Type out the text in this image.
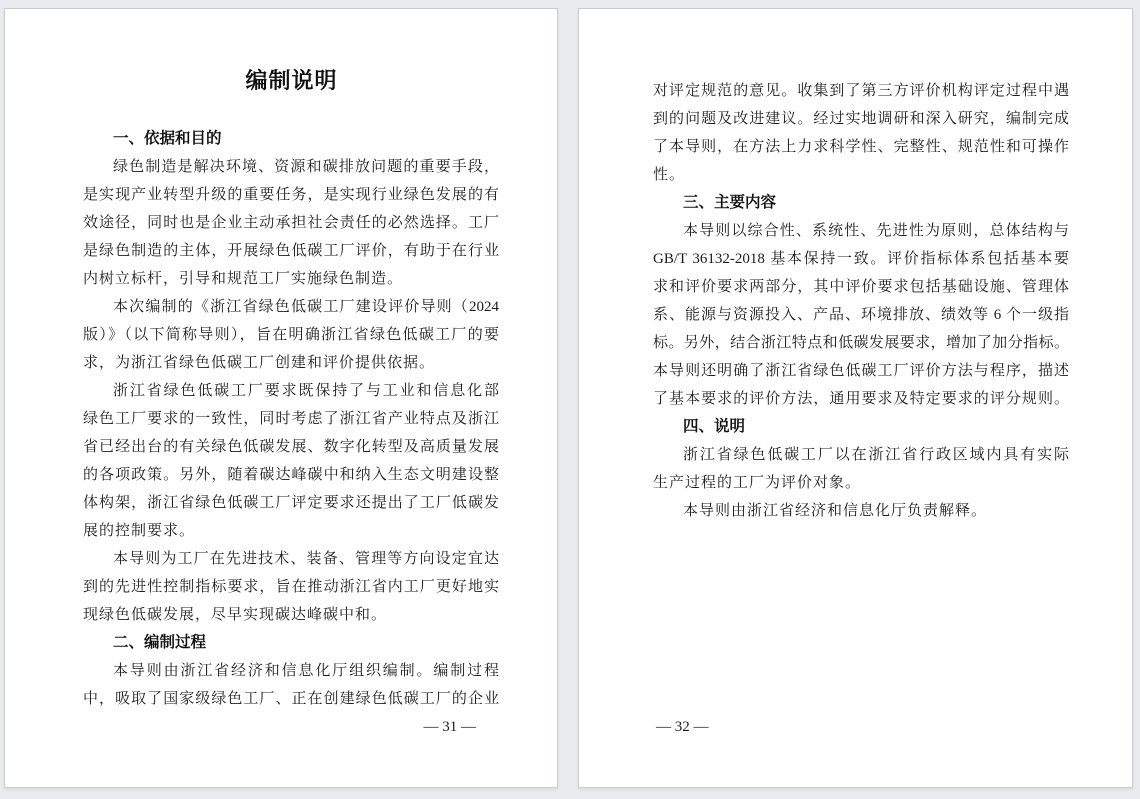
编制说明
一、依据和目的
绿色制造是解决环境、资源和碳排放问题的重要手段，
是实现产业转型升级的重要任务，是实现行业绿色发展的有
效途径，同时也是企业主动承担社会责任的必然选择。工厂
是绿色制造的主体，开展绿色低碳工厂评价，有助于在行业
内树立标杆，引导和规范工厂实施绿色制造。
本次编制的《浙江省绿色低碳工厂建设评价导则（2024
版）》（以下简称导则），旨在明确浙江省绿色低碳工厂的要
求，为浙江省绿色低碳工厂创建和评价提供依据。
浙江省绿色低碳工厂要求既保持了与工业和信息化部
绿色工厂要求的一致性，同时考虑了浙江省产业特点及浙江
省已经出台的有关绿色低碳发展、数字化转型及高质量发展
的各项政策。另外，随着碳达峰碳中和纳入生态文明建设整
体构架，浙江省绿色低碳工厂评定要求还提出了工厂低碳发
展的控制要求。
本导则为工厂在先进技术、装备、管理等方向设定宜达
到的先进性控制指标要求，旨在推动浙江省内工厂更好地实
现绿色低碳发展，尽早实现碳达峰碳中和。
二、编制过程
本导则由浙江省经济和信息化厅组织编制。编制过程
中，吸取了国家级绿色工厂、正在创建绿色低碳工厂的企业
— 31 —
对评定规范的意见。收集到了第三方评价机构评定过程中遇
到的问题及改进建议。经过实地调研和深入研究，编制完成
了本导则，在方法上力求科学性、完整性、规范性和可操作
性。
三、主要内容
本导则以综合性、系统性、先进性为原则，总体结构与
GB/T 36132-2018 基本保持一致。评价指标体系包括基本要
求和评价要求两部分，其中评价要求包括基础设施、管理体
系、能源与资源投入、产品、环境排放、绩效等 6 个一级指
标。另外，结合浙江特点和低碳发展要求，增加了加分指标。
本导则还明确了浙江省绿色低碳工厂评价方法与程序，描述
了基本要求的评价方法，通用要求及特定要求的评分规则。
四、说明
浙江省绿色低碳工厂以在浙江省行政区域内具有实际
生产过程的工厂为评价对象。
本导则由浙江省经济和信息化厅负责解释。
— 32 —
